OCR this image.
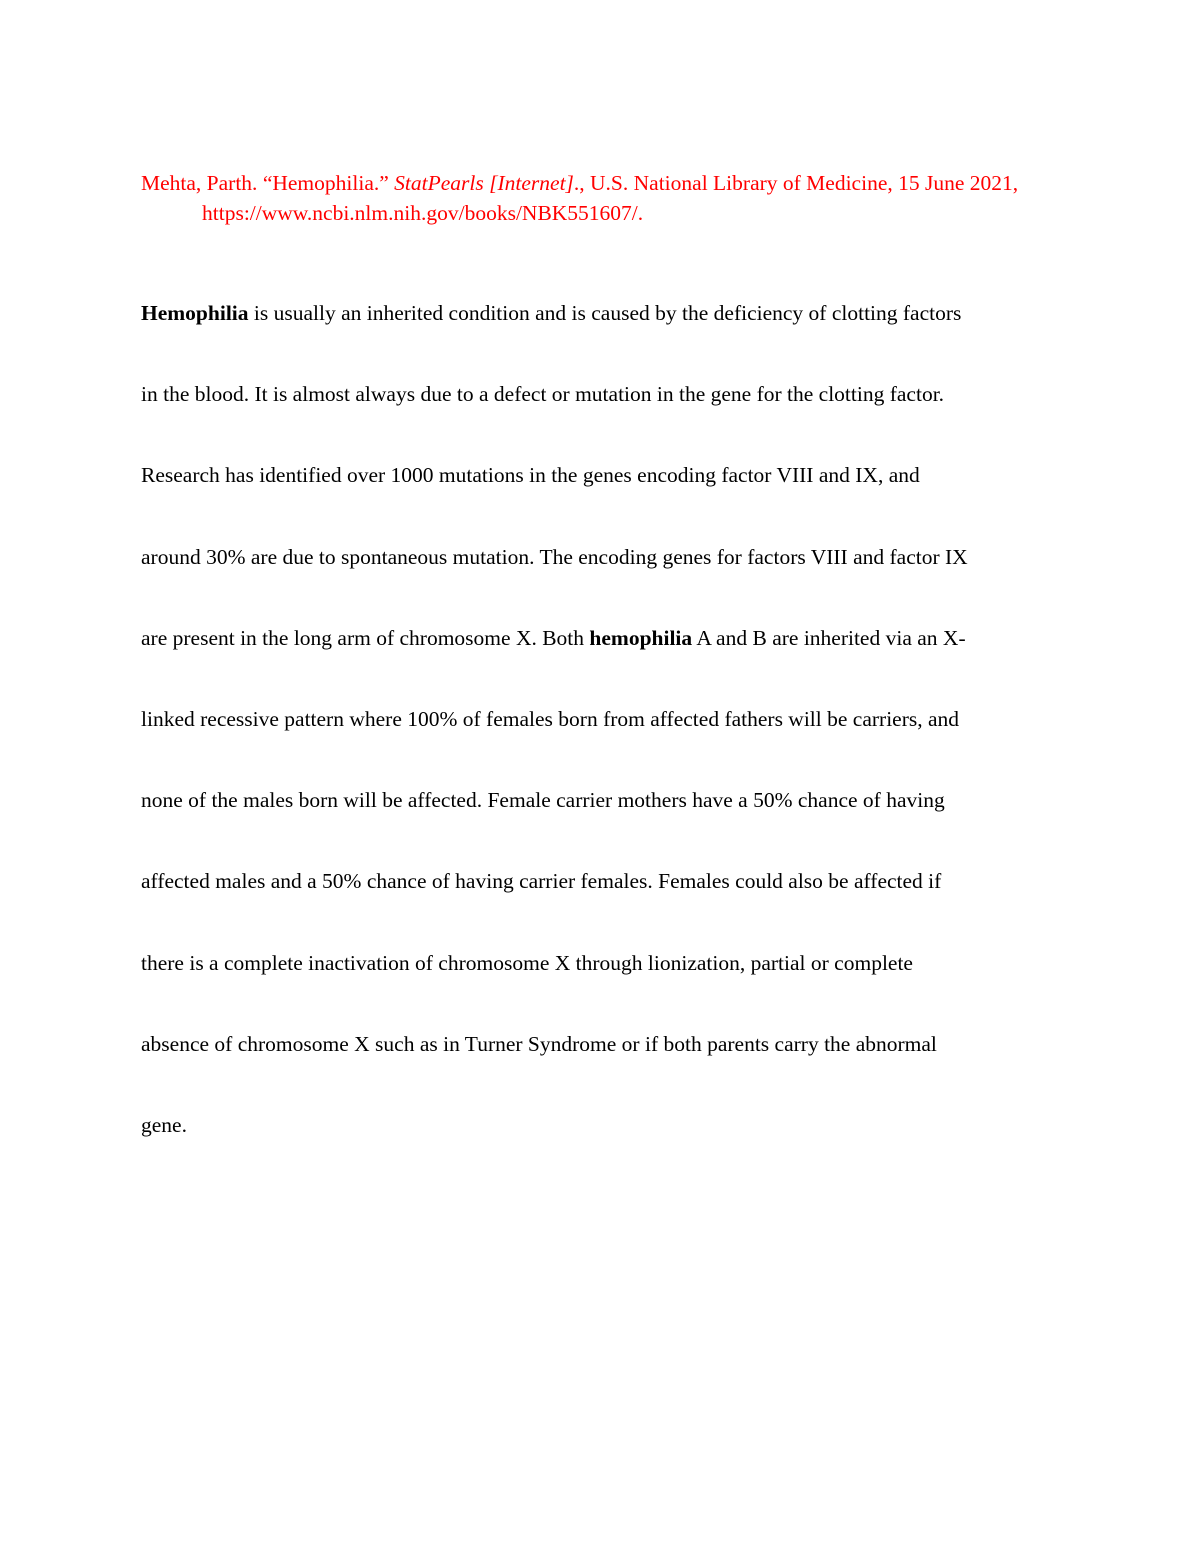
Mehta, Parth. “Hemophilia.” StatPearls [Internet]., U.S. National Library of Medicine, 15 June 2021, https://www.ncbi.nlm.nih.gov/books/NBK551607/.

Hemophilia is usually an inherited condition and is caused by the deficiency of clotting factors
in the blood. It is almost always due to a defect or mutation in the gene for the clotting factor.
Research has identified over 1000 mutations in the genes encoding factor VIII and IX, and
around 30% are due to spontaneous mutation. The encoding genes for factors VIII and factor IX
are present in the long arm of chromosome X. Both hemophilia A and B are inherited via an X-
linked recessive pattern where 100% of females born from affected fathers will be carriers, and
none of the males born will be affected. Female carrier mothers have a 50% chance of having
affected males and a 50% chance of having carrier females. Females could also be affected if
there is a complete inactivation of chromosome X through lionization, partial or complete
absence of chromosome X such as in Turner Syndrome or if both parents carry the abnormal
gene.
